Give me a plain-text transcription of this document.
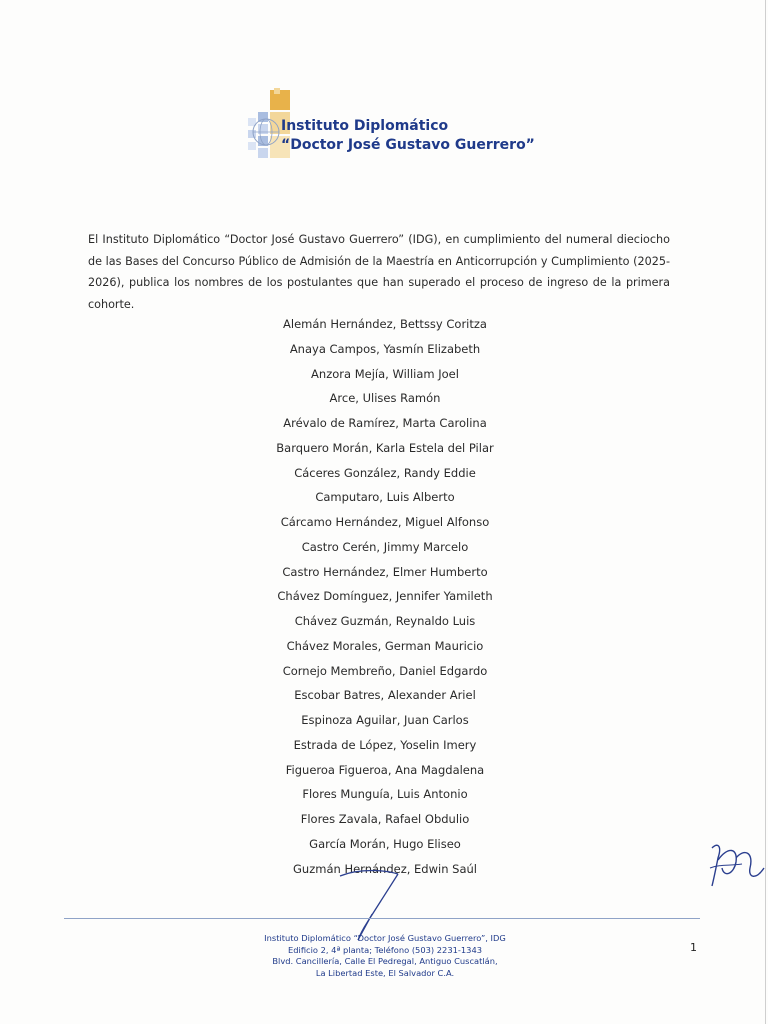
Instituto Diplomático
“Doctor José Gustavo Guerrero”

El Instituto Diplomático “Doctor José Gustavo Guerrero” (IDG), en cumplimiento del numeral dieciocho de las Bases del Concurso Público de Admisión de la Maestría en Anticorrupción y Cumplimiento (2025-2026), publica los nombres de los postulantes que han superado el proceso de ingreso de la primera cohorte.

Alemán Hernández, Bettssy Coritza
Anaya Campos, Yasmín Elizabeth
Anzora Mejía, William Joel
Arce, Ulises Ramón
Arévalo de Ramírez, Marta Carolina
Barquero Morán, Karla Estela del Pilar
Cáceres González, Randy Eddie
Camputaro, Luis Alberto
Cárcamo Hernández, Miguel Alfonso
Castro Cerén, Jimmy Marcelo
Castro Hernández, Elmer Humberto
Chávez Domínguez, Jennifer Yamileth
Chávez Guzmán, Reynaldo Luis
Chávez Morales, German Mauricio
Cornejo Membreño, Daniel Edgardo
Escobar Batres, Alexander Ariel
Espinoza Aguilar, Juan Carlos
Estrada de López, Yoselin Imery
Figueroa Figueroa, Ana Magdalena
Flores Munguía, Luis Antonio
Flores Zavala, Rafael Obdulio
García Morán, Hugo Eliseo
Guzmán Hernández, Edwin Saúl
Instituto Diplomático “Doctor José Gustavo Guerrero”, IDG
Edificio 2, 4ª planta; Teléfono (503) 2231-1343
Blvd. Cancillería, Calle El Pedregal, Antiguo Cuscatlán,
La Libertad Este, El Salvador C.A.
1
